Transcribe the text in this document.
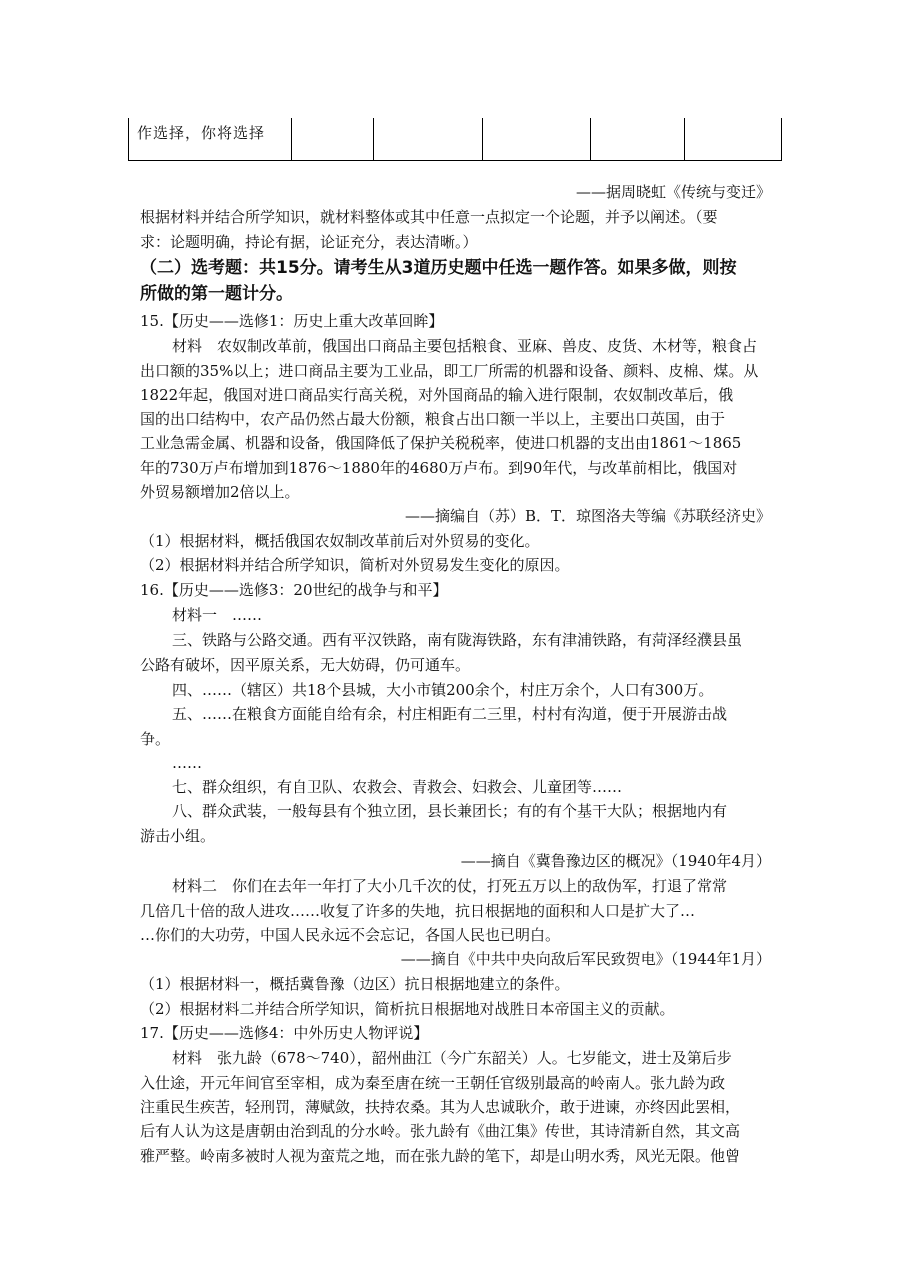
作选择，你将选择					
——据周晓虹《传统与变迁》
根据材料并结合所学知识，就材料整体或其中任意一点拟定一个论题，并予以阐述。（要
求：论题明确，持论有据，论证充分，表达清晰。）
（二）选考题：共15分。请考生从3道历史题中任选一题作答。如果多做，则按
所做的第一题计分。
15.【历史——选修1：历史上重大改革回眸】
材料　农奴制改革前，俄国出口商品主要包括粮食、亚麻、兽皮、皮货、木材等，粮食占
出口额的35%以上；进口商品主要为工业品，即工厂所需的机器和设备、颜料、皮棉、煤。从
1822年起，俄国对进口商品实行高关税，对外国商品的输入进行限制，农奴制改革后，俄
国的出口结构中，农产品仍然占最大份额，粮食占出口额一半以上，主要出口英国，由于
工业急需金属、机器和设备，俄国降低了保护关税税率，使进口机器的支出由1861～1865
年的730万卢布增加到1876～1880年的4680万卢布。到90年代，与改革前相比，俄国对
外贸易额增加2倍以上。
——摘编自（苏）B．T．琼图洛夫等编《苏联经济史》
（1）根据材料，概括俄国农奴制改革前后对外贸易的变化。
（2）根据材料并结合所学知识，简析对外贸易发生变化的原因。
16.【历史——选修3：20世纪的战争与和平】
材料一　……
三、铁路与公路交通。西有平汉铁路，南有陇海铁路，东有津浦铁路，有菏泽经濮县虽
公路有破坏，因平原关系，无大妨碍，仍可通车。
四、……（辖区）共18个县城，大小市镇200余个，村庄万余个，人口有300万。
五、……在粮食方面能自给有余，村庄相距有二三里，村村有沟道，便于开展游击战
争。
……
七、群众组织，有自卫队、农救会、青救会、妇救会、儿童团等……
八、群众武装，一般每县有个独立团，县长兼团长；有的有个基干大队；根据地内有
游击小组。
——摘自《冀鲁豫边区的概况》（1940年4月）
材料二　你们在去年一年打了大小几千次的仗，打死五万以上的敌伪军，打退了常常
几倍几十倍的敌人进攻……收复了许多的失地，抗日根据地的面积和人口是扩大了…
…你们的大功劳，中国人民永远不会忘记，各国人民也已明白。
——摘自《中共中央向敌后军民致贺电》（1944年1月）
（1）根据材料一，概括冀鲁豫（边区）抗日根据地建立的条件。
（2）根据材料二并结合所学知识，简析抗日根据地对战胜日本帝国主义的贡献。
17.【历史——选修4：中外历史人物评说】
材料　张九龄（678～740），韶州曲江（今广东韶关）人。七岁能文，进士及第后步
入仕途，开元年间官至宰相，成为秦至唐在统一王朝任官级别最高的岭南人。张九龄为政
注重民生疾苦，轻刑罚，薄赋敛，扶持农桑。其为人忠诚耿介，敢于进谏，亦终因此罢相，
后有人认为这是唐朝由治到乱的分水岭。张九龄有《曲江集》传世，其诗清新自然，其文高
雅严整。岭南多被时人视为蛮荒之地，而在张九龄的笔下，却是山明水秀，风光无限。他曾
